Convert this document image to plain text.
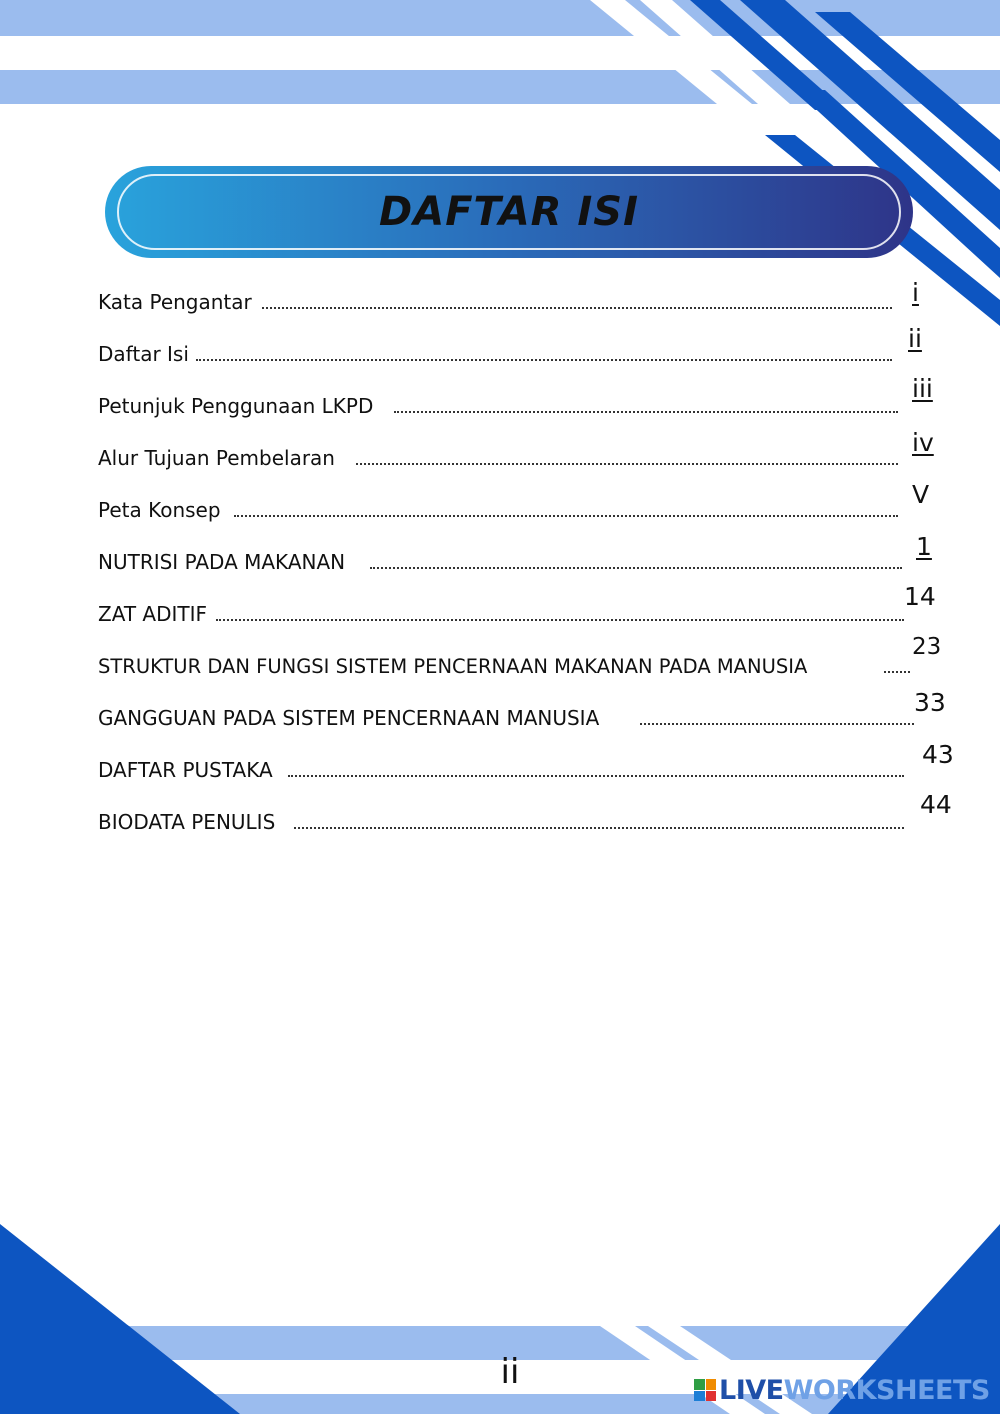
DAFTAR ISI
Kata Pengantar	i
Daftar Isi
ii
Petunjuk Penggunaan LKPD
iii
Alur Tujuan Pembelaran
iv
Peta Konsep
V
NUTRISI PADA MAKANAN
1
ZAT ADITIF
14
STRUKTUR DAN FUNGSI SISTEM PENCERNAAN MAKANAN PADA MANUSIA
23
GANGGUAN PADA SISTEM PENCERNAAN MANUSIA
33
DAFTAR PUSTAKA
43
BIODATA PENULIS
44
ii	LIVE WORKSHEETS
